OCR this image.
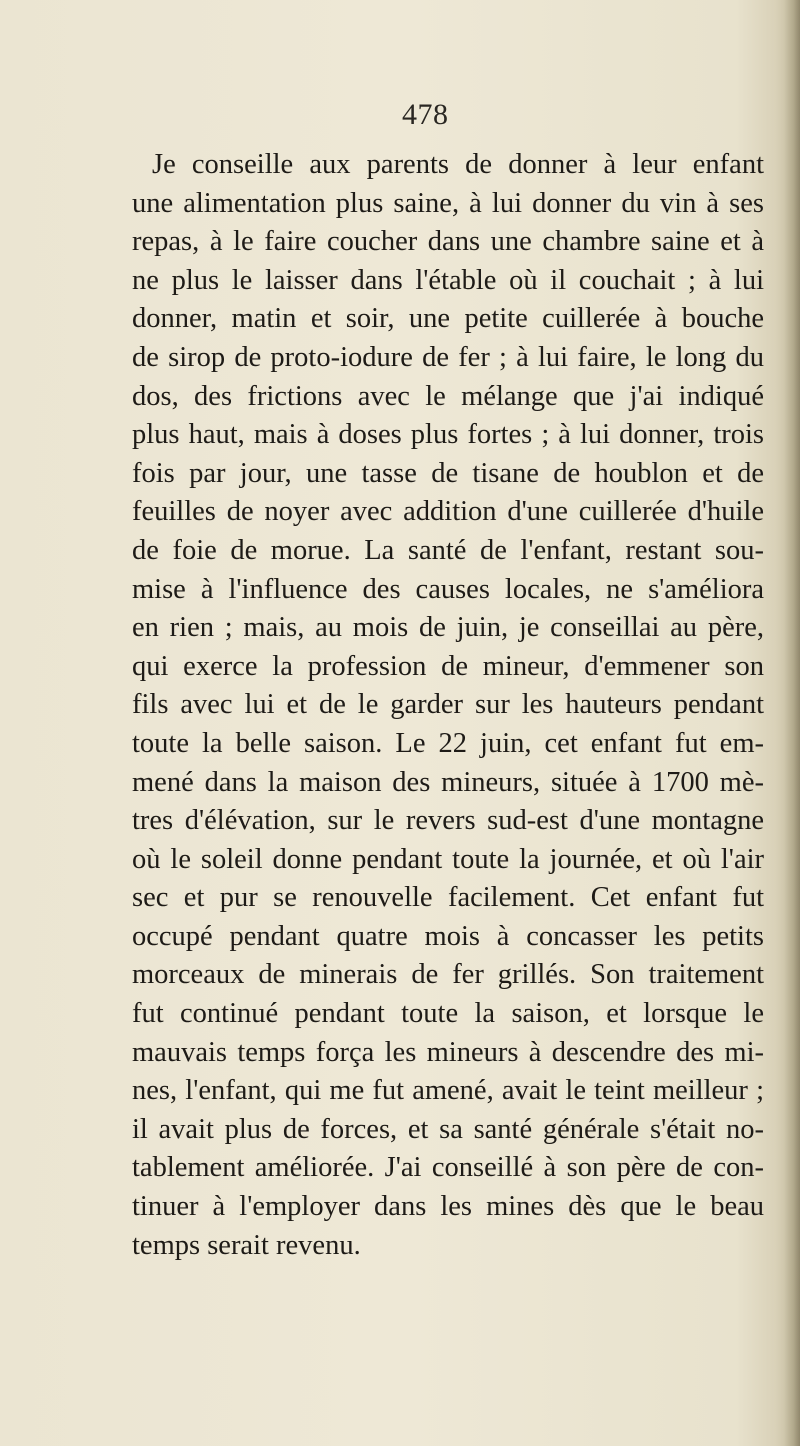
478
Je conseille aux parents de donner à leur enfant
une alimentation plus saine, à lui donner du vin à ses
repas, à le faire coucher dans une chambre saine et à
ne plus le laisser dans l'étable où il couchait ; à lui
donner, matin et soir, une petite cuillerée à bouche
de sirop de proto-iodure de fer ; à lui faire, le long du
dos, des frictions avec le mélange que j'ai indiqué
plus haut, mais à doses plus fortes ; à lui donner, trois
fois par jour, une tasse de tisane de houblon et de
feuilles de noyer avec addition d'une cuillerée d'huile
de foie de morue. La santé de l'enfant, restant sou-
mise à l'influence des causes locales, ne s'améliora
en rien ; mais, au mois de juin, je conseillai au père,
qui exerce la profession de mineur, d'emmener son
fils avec lui et de le garder sur les hauteurs pendant
toute la belle saison. Le 22 juin, cet enfant fut em-
mené dans la maison des mineurs, située à 1700 mè-
tres d'élévation, sur le revers sud-est d'une montagne
où le soleil donne pendant toute la journée, et où l'air
sec et pur se renouvelle facilement. Cet enfant fut
occupé pendant quatre mois à concasser les petits
morceaux de minerais de fer grillés. Son traitement
fut continué pendant toute la saison, et lorsque le
mauvais temps força les mineurs à descendre des mi-
nes, l'enfant, qui me fut amené, avait le teint meilleur ;
il avait plus de forces, et sa santé générale s'était no-
tablement améliorée. J'ai conseillé à son père de con-
tinuer à l'employer dans les mines dès que le beau
temps serait revenu.
